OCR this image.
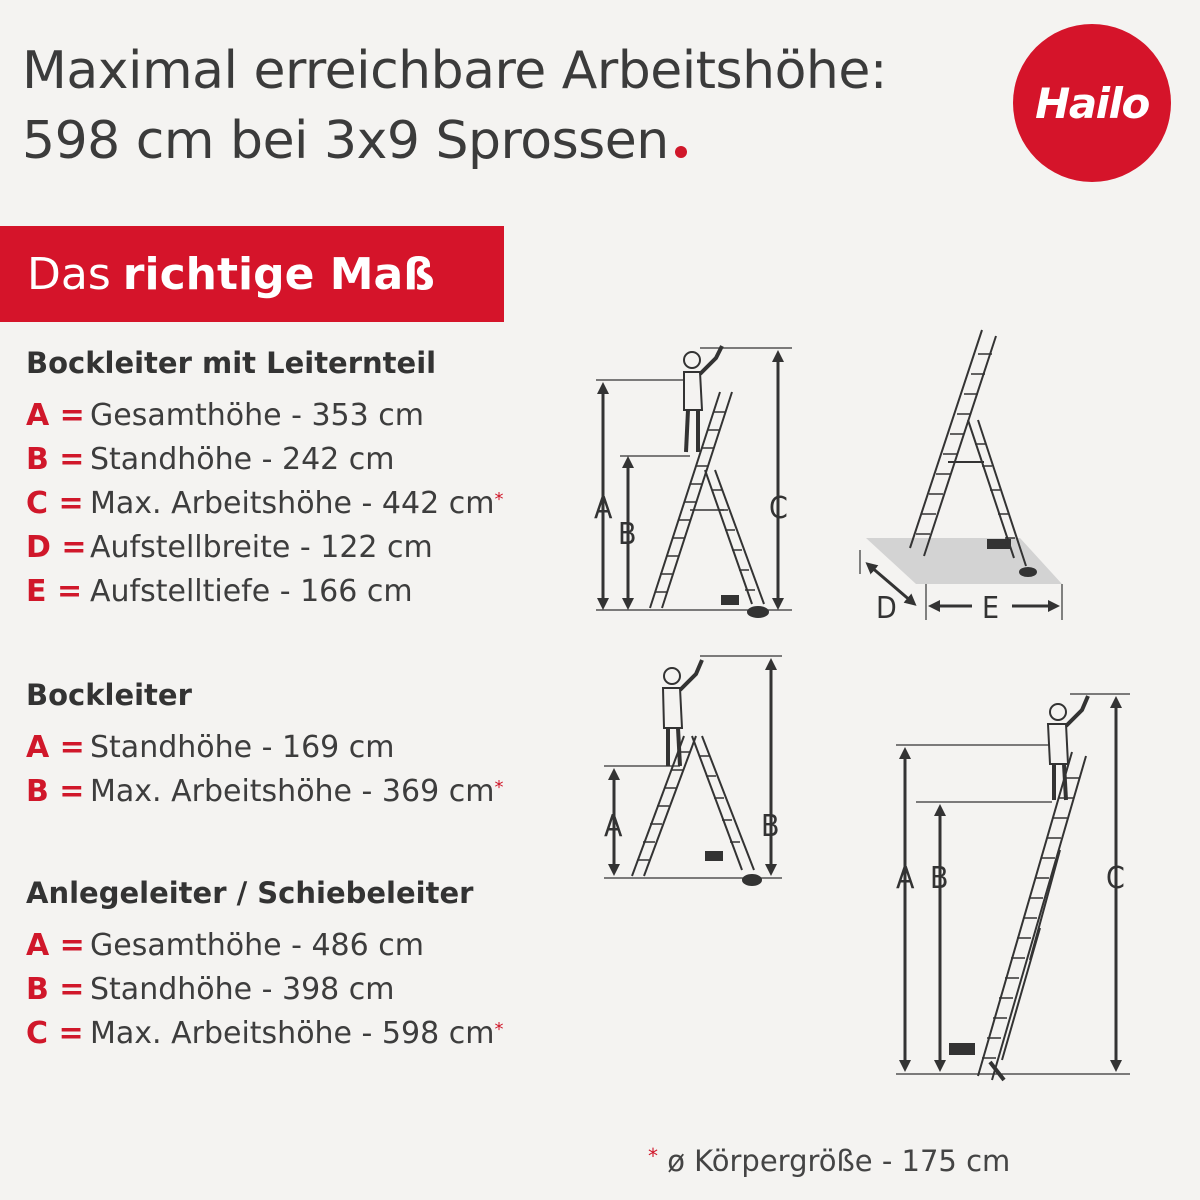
Maximal erreichbare Arbeitshöhe:
598 cm bei 3x9 Sprossen
Hailo
Das richtige Maß
Bockleiter mit Leiternteil
A = Gesamthöhe - 353 cm
B = Standhöhe - 242 cm
C = Max. Arbeitshöhe - 442 cm*
D = Aufstellbreite - 122 cm
E = Aufstelltiefe - 166 cm
Bockleiter
A = Standhöhe - 169 cm
B = Max. Arbeitshöhe - 369 cm*
Anlegeleiter / Schiebeleiter
A = Gesamthöhe - 486 cm
B = Standhöhe - 398 cm
C = Max. Arbeitshöhe - 598 cm*
A
B
C
D	E
A	B
A B	C
* ø Körpergröße - 175 cm
